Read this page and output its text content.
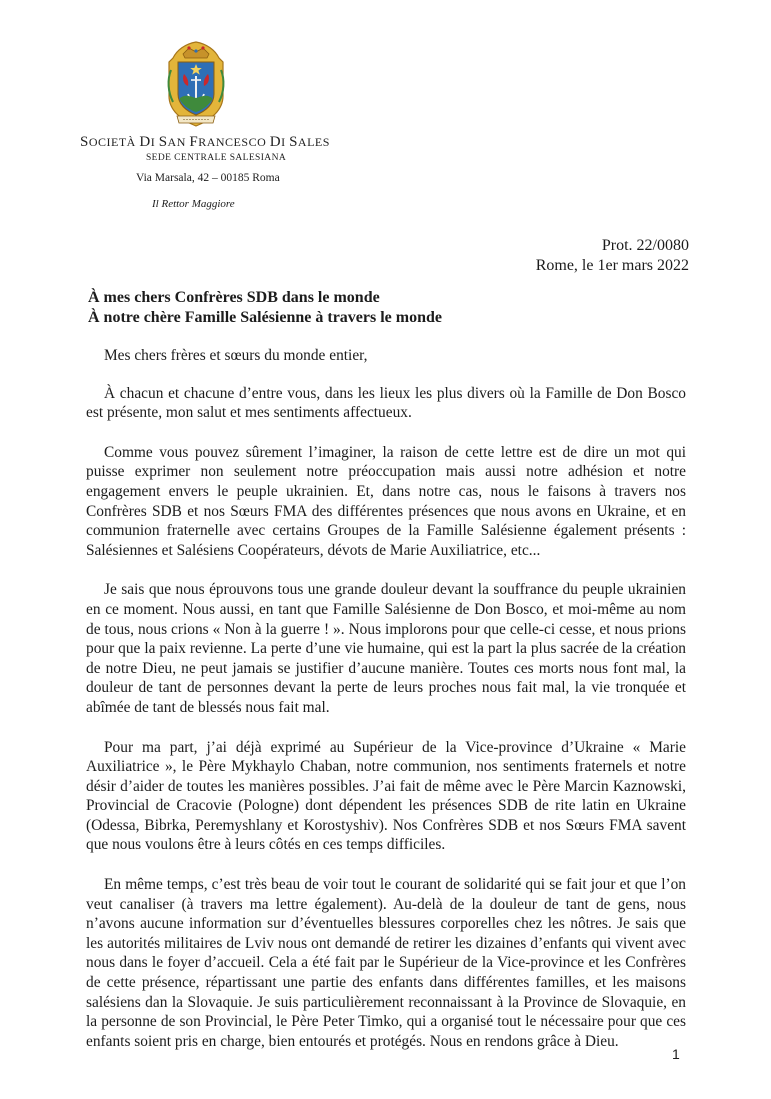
SOCIETÀ DI SAN FRANCESCO DI SALES

SEDE CENTRALE SALESIANA

Via Marsala, 42 – 00185 Roma

Il Rettor Maggiore

Prot. 22/0080
Rome, le 1er mars 2022
À mes chers Confrères SDB dans le monde
À notre chère Famille Salésienne à travers le monde

Mes chers frères et sœurs du monde entier,

À chacun et chacune d’entre vous, dans les lieux les plus divers où la Famille de Don Bosco est présente, mon salut et mes sentiments affectueux.

Comme vous pouvez sûrement l’imaginer, la raison de cette lettre est de dire un mot qui puisse exprimer non seulement notre préoccupation mais aussi notre adhésion et notre engagement envers le peuple ukrainien. Et, dans notre cas, nous le faisons à travers nos Confrères SDB et nos Sœurs FMA des différentes présences que nous avons en Ukraine, et en communion fraternelle avec certains Groupes de la Famille Salésienne également présents : Salésiennes et Salésiens Coopérateurs, dévots de Marie Auxiliatrice, etc...

Je sais que nous éprouvons tous une grande douleur devant la souffrance du peuple ukrainien en ce moment. Nous aussi, en tant que Famille Salésienne de Don Bosco, et moi-même au nom de tous, nous crions « Non à la guerre ! ». Nous implorons pour que celle-ci cesse, et nous prions pour que la paix revienne. La perte d’une vie humaine, qui est la part la plus sacrée de la création de notre Dieu, ne peut jamais se justifier d’aucune manière. Toutes ces morts nous font mal, la douleur de tant de personnes devant la perte de leurs proches nous fait mal, la vie tronquée et abîmée de tant de blessés nous fait mal.

Pour ma part, j’ai déjà exprimé au Supérieur de la Vice-province d’Ukraine « Marie Auxiliatrice », le Père Mykhaylo Chaban, notre communion, nos sentiments fraternels et notre désir d’aider de toutes les manières possibles. J’ai fait de même avec le Père Marcin Kaznowski, Provincial de Cracovie (Pologne) dont dépendent les présences SDB de rite latin en Ukraine (Odessa, Bibrka, Peremyshlany et Korostyshiv). Nos Confrères SDB et nos Sœurs FMA savent que nous voulons être à leurs côtés en ces temps difficiles.

En même temps, c’est très beau de voir tout le courant de solidarité qui se fait jour et que l’on veut canaliser (à travers ma lettre également). Au-delà de la douleur de tant de gens, nous n’avons aucune information sur d’éventuelles blessures corporelles chez les nôtres. Je sais que les autorités militaires de Lviv nous ont demandé de retirer les dizaines d’enfants qui vivent avec nous dans le foyer d’accueil. Cela a été fait par le Supérieur de la Vice-province et les Confrères de cette présence, répartissant une partie des enfants dans différentes familles, et les maisons salésiens dan la Slovaquie. Je suis particulièrement reconnaissant à la Province de Slovaquie, en la personne de son Provincial, le Père Peter Timko, qui a organisé tout le nécessaire pour que ces enfants soient pris en charge, bien entourés et protégés. Nous en rendons grâce à Dieu.

1
